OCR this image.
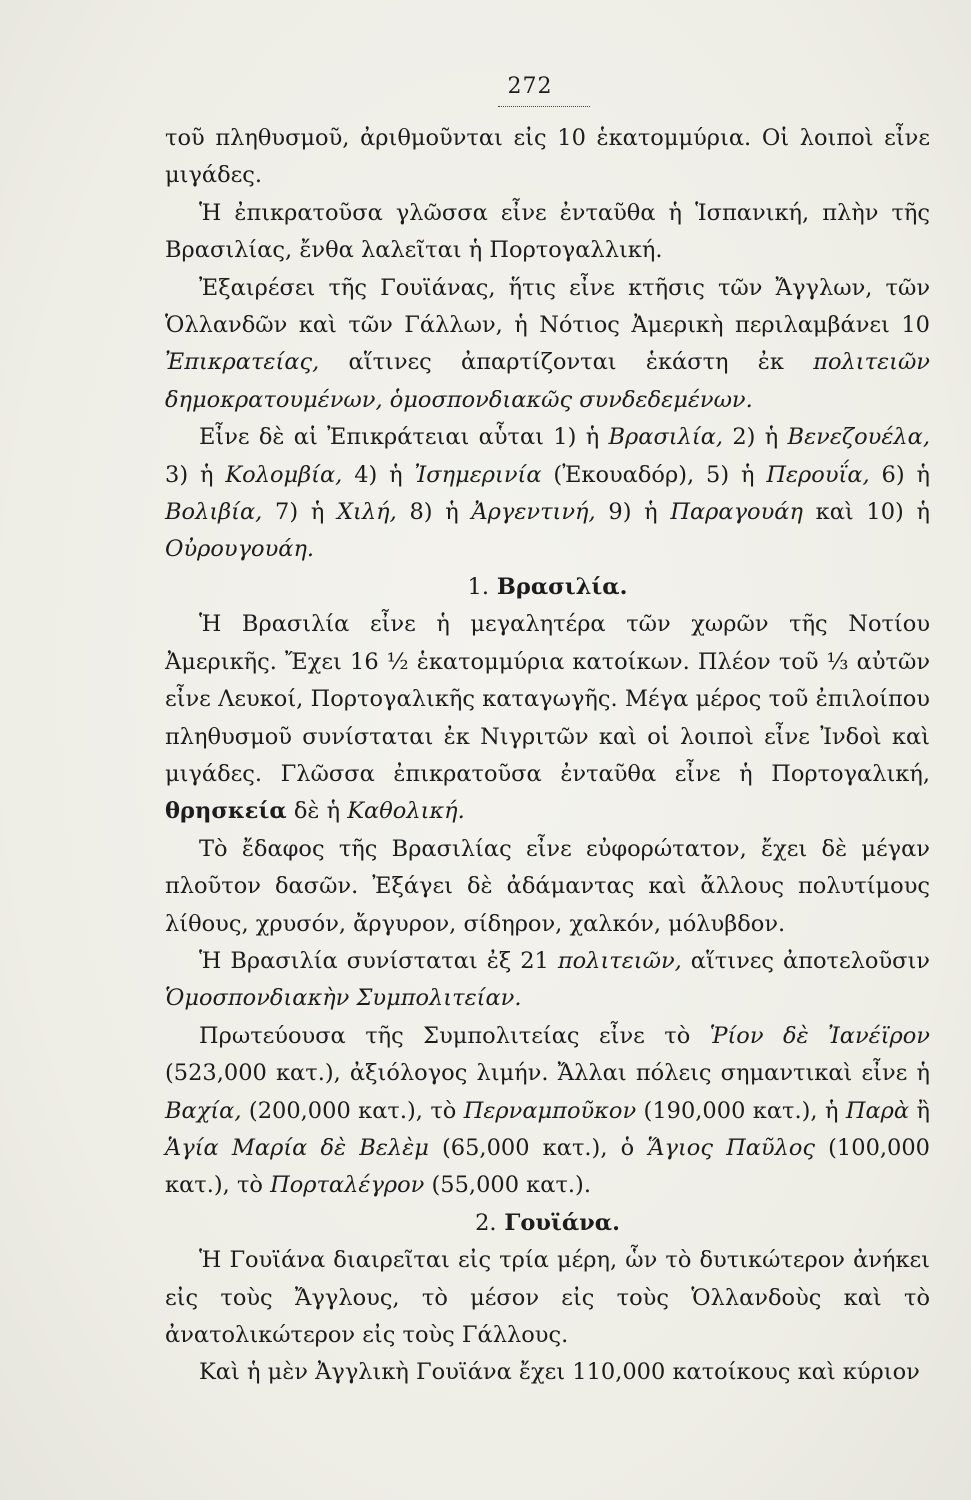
272

τοῦ πληθυσμοῦ, ἀριθμοῦνται εἰς 10 ἑκατομμύρια. Οἱ λοιποὶ εἶνε μιγάδες.

Ἡ ἐπικρατοῦσα γλῶσσα εἶνε ἐνταῦθα ἡ Ἱσπανική, πλὴν τῆς Βρασιλίας, ἔνθα λαλεῖται ἡ Πορτογαλλική.

Ἐξαιρέσει τῆς Γουϊάνας, ἥτις εἶνε κτῆσις τῶν Ἄγγλων, τῶν Ὁλλανδῶν καὶ τῶν Γάλλων, ἡ Νότιος Ἀμερικὴ περιλαμβάνει 10 Ἐπικρατείας, αἵτινες ἀπαρτίζονται ἑκάστη ἐκ πολιτειῶν δημοκρατουμένων, ὁμοσπονδιακῶς συνδεδεμένων.

Εἶνε δὲ αἱ Ἐπικράτειαι αὗται 1) ἡ Βρασιλία, 2) ἡ Βενεζουέλα, 3) ἡ Κολομβία, 4) ἡ Ἰσημερινία (Ἐκουαδόρ), 5) ἡ Περουΐα, 6) ἡ Βολιβία, 7) ἡ Χιλή, 8) ἡ Ἀργεντινή, 9) ἡ Παραγουάη καὶ 10) ἡ Οὐρουγουάη.

1. Βρασιλία.

Ἡ Βρασιλία εἶνε ἡ μεγαλητέρα τῶν χωρῶν τῆς Νοτίου Ἀμερικῆς. Ἔχει 16 ½ ἑκατομμύρια κατοίκων. Πλέον τοῦ ⅓ αὐτῶν εἶνε Λευκοί, Πορτογαλικῆς καταγωγῆς. Μέγα μέρος τοῦ ἐπιλοίπου πληθυσμοῦ συνίσταται ἐκ Νιγριτῶν καὶ οἱ λοιποὶ εἶνε Ἰνδοὶ καὶ μιγάδες. Γλῶσσα ἐπικρατοῦσα ἐνταῦθα εἶνε ἡ Πορτογαλική, θρησκεία δὲ ἡ Καθολική.

Τὸ ἔδαφος τῆς Βρασιλίας εἶνε εὐφορώτατον, ἔχει δὲ μέγαν πλοῦτον δασῶν. Ἐξάγει δὲ ἀδάμαντας καὶ ἄλλους πολυτίμους λίθους, χρυσόν, ἄργυρον, σίδηρον, χαλκόν, μόλυβδον.

Ἡ Βρασιλία συνίσταται ἐξ 21 πολιτειῶν, αἵτινες ἀποτελοῦσιν Ὁμοσπονδιακὴν Συμπολιτείαν.

Πρωτεύουσα τῆς Συμπολιτείας εἶνε τὸ Ῥίον δὲ Ἰανέϊρον (523,000 κατ.), ἀξιόλογος λιμήν. Ἄλλαι πόλεις σημαντικαὶ εἶνε ἡ Βαχία, (200,000 κατ.), τὸ Περναμποῦκον (190,000 κατ.), ἡ Παρὰ ἢ Ἁγία Μαρία δὲ Βελὲμ (65,000 κατ.), ὁ Ἅγιος Παῦλος (100,000 κατ.), τὸ Πορταλέγρον (55,000 κατ.).

2. Γουϊάνα.

Ἡ Γουϊάνα διαιρεῖται εἰς τρία μέρη, ὧν τὸ δυτικώτερον ἀνήκει εἰς τοὺς Ἄγγλους, τὸ μέσον εἰς τοὺς Ὁλλανδοὺς καὶ τὸ ἀνατολικώτερον εἰς τοὺς Γάλλους.

Καὶ ἡ μὲν Ἀγγλικὴ Γουϊάνα ἔχει 110,000 κατοίκους καὶ κύριον
